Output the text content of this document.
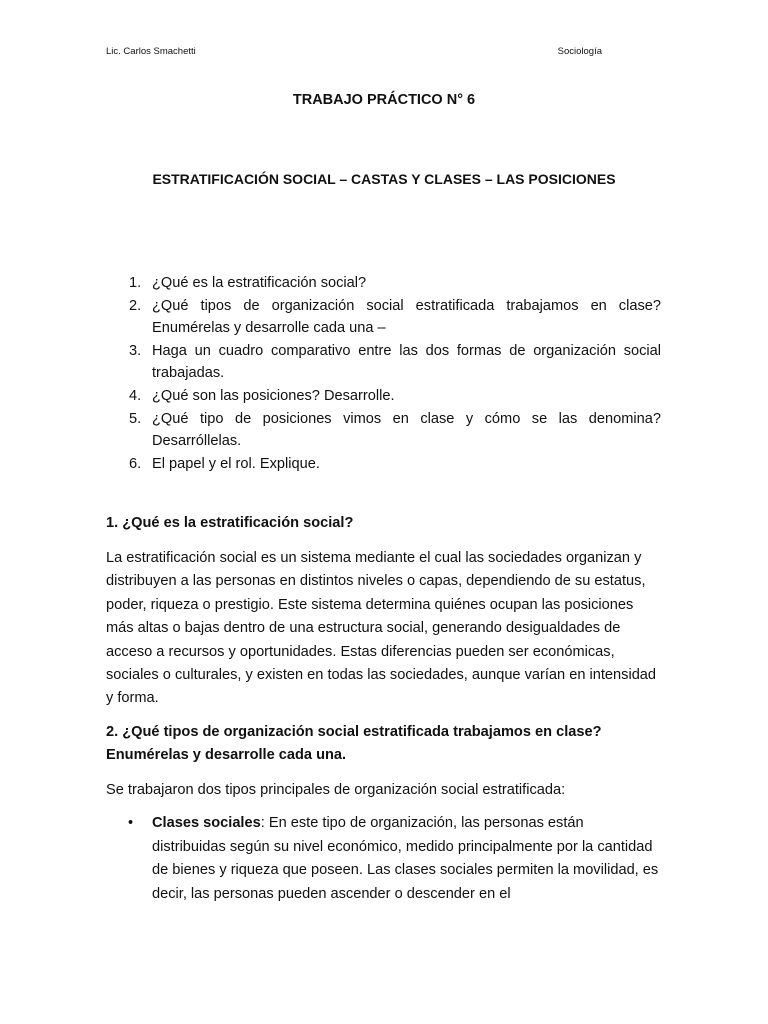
Lic. Carlos Smachetti	Sociología
TRABAJO PRÁCTICO N° 6
ESTRATIFICACIÓN SOCIAL – CASTAS Y CLASES – LAS POSICIONES
1. ¿Qué es la estratificación social?
2. ¿Qué tipos de organización social estratificada trabajamos en clase? Enumérelas y desarrolle cada una –
3. Haga un cuadro comparativo entre las dos formas de organización social trabajadas.
4. ¿Qué son las posiciones? Desarrolle.
5. ¿Qué tipo de posiciones vimos en clase y cómo se las denomina? Desarróllelas.
6. El papel y el rol. Explique.
1. ¿Qué es la estratificación social?

La estratificación social es un sistema mediante el cual las sociedades organizan y distribuyen a las personas en distintos niveles o capas, dependiendo de su estatus, poder, riqueza o prestigio. Este sistema determina quiénes ocupan las posiciones más altas o bajas dentro de una estructura social, generando desigualdades de acceso a recursos y oportunidades. Estas diferencias pueden ser económicas, sociales o culturales, y existen en todas las sociedades, aunque varían en intensidad y forma.

2. ¿Qué tipos de organización social estratificada trabajamos en clase? Enumérelas y desarrolle cada una.

Se trabajaron dos tipos principales de organización social estratificada:

• Clases sociales: En este tipo de organización, las personas están distribuidas según su nivel económico, medido principalmente por la cantidad de bienes y riqueza que poseen. Las clases sociales permiten la movilidad, es decir, las personas pueden ascender o descender en el
